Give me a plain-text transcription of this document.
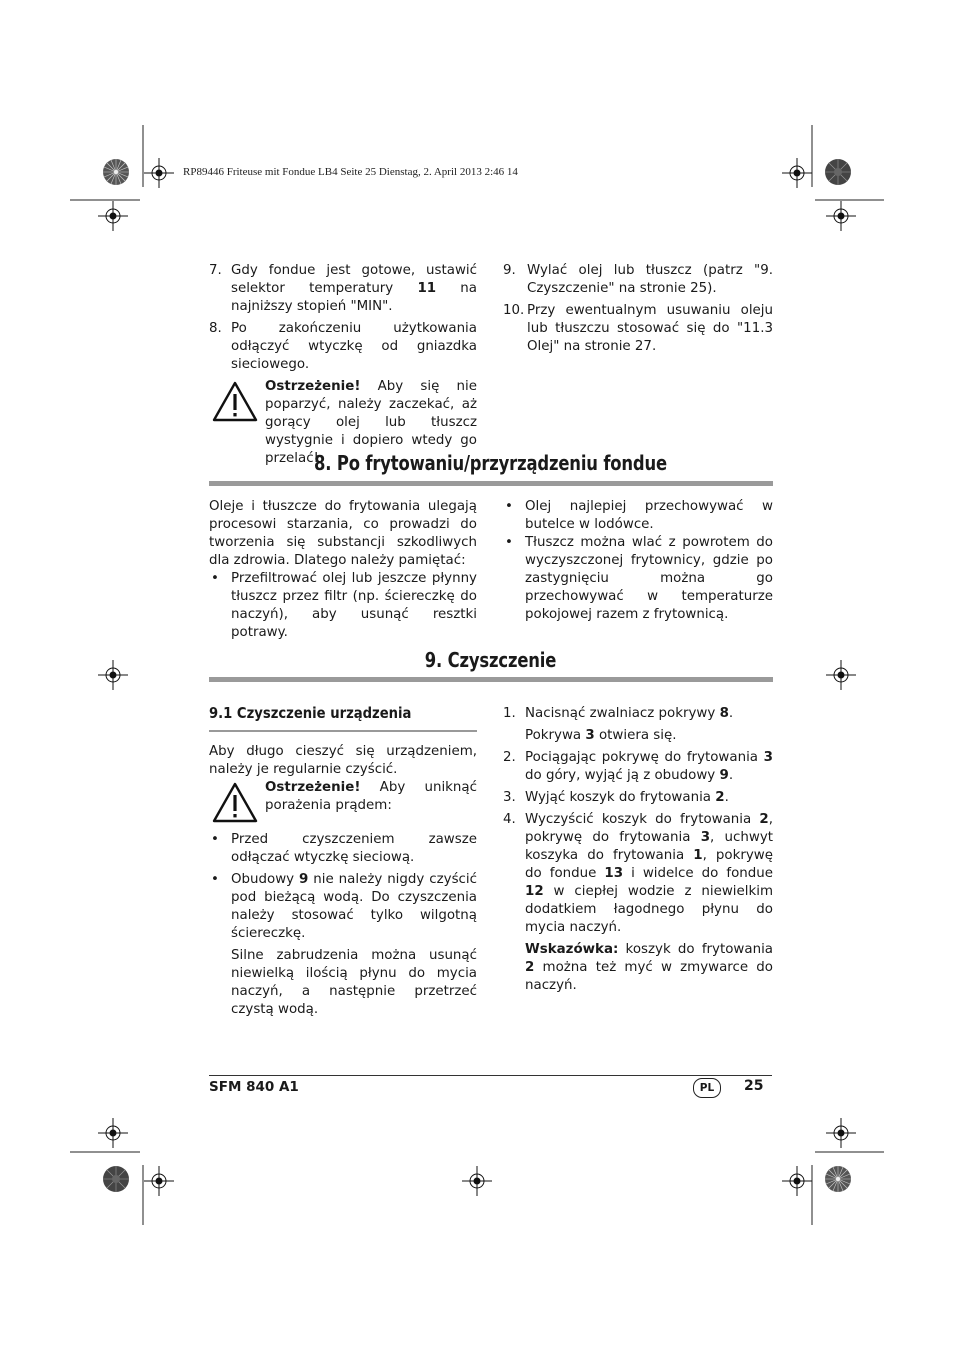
RP89446 Friteuse mit Fondue LB4 Seite 25 Dienstag, 2. April 2013 2:46 14
7. Gdy fondue jest gotowe, ustawić selektor temperatury 11 na najniższy stopień "MIN".
8. Po zakończeniu użytkowania odłączyć wtyczkę od gniazdka sieciowego.
Ostrzeżenie! Aby się nie poparzyć, należy zaczekać, aż gorący olej lub tłuszcz wystygnie i dopiero wtedy go przelać!
9. Wylać olej lub tłuszcz (patrz "9. Czyszczenie" na stronie 25).
10. Przy ewentualnym usuwaniu oleju lub tłuszczu stosować się do "11.3 Olej" na stronie 27.
8. Po frytowaniu/przyrządzeniu fondue
Oleje i tłuszcze do frytowania ulegają procesowi starzania, co prowadzi do tworzenia się substancji szkodliwych dla zdrowia. Dlatego należy pamiętać:
• Przefiltrować olej lub jeszcze płynny tłuszcz przez filtr (np. ściereczkę do naczyń), aby usunąć resztki potrawy.
• Olej najlepiej przechowywać w butelce w lodówce.
• Tłuszcz można wlać z powrotem do wyczyszczonej frytownicy, gdzie po zastygnięciu można go przechowywać w temperaturze pokojowej razem z frytownicą.
9. Czyszczenie
9.1 Czyszczenie urządzenia
Aby długo cieszyć się urządzeniem, należy je regularnie czyścić.
Ostrzeżenie! Aby uniknąć porażenia prądem:
• Przed czyszczeniem zawsze odłączać wtyczkę sieciową.
• Obudowy 9 nie należy nigdy czyścić pod bieżącą wodą. Do czyszczenia należy stosować tylko wilgotną ściereczkę.
Silne zabrudzenia można usunąć niewielką ilością płynu do mycia naczyń, a następnie przetrzeć czystą wodą.
1. Nacisnąć zwalniacz pokrywy 8.
Pokrywa 3 otwiera się.
2. Pociągając pokrywę do frytowania 3 do góry, wyjąć ją z obudowy 9.
3. Wyjąć koszyk do frytowania 2.
4. Wyczyścić koszyk do frytowania 2, pokrywę do frytowania 3, uchwyt koszyka do frytowania 1, pokrywę do fondue 13 i widelce do fondue 12 w ciepłej wodzie z niewielkim dodatkiem łagodnego płynu do mycia naczyń.
Wskazówka: koszyk do frytowania 2 można też myć w zmywarce do naczyń.
SFM 840 A1	PL	25
